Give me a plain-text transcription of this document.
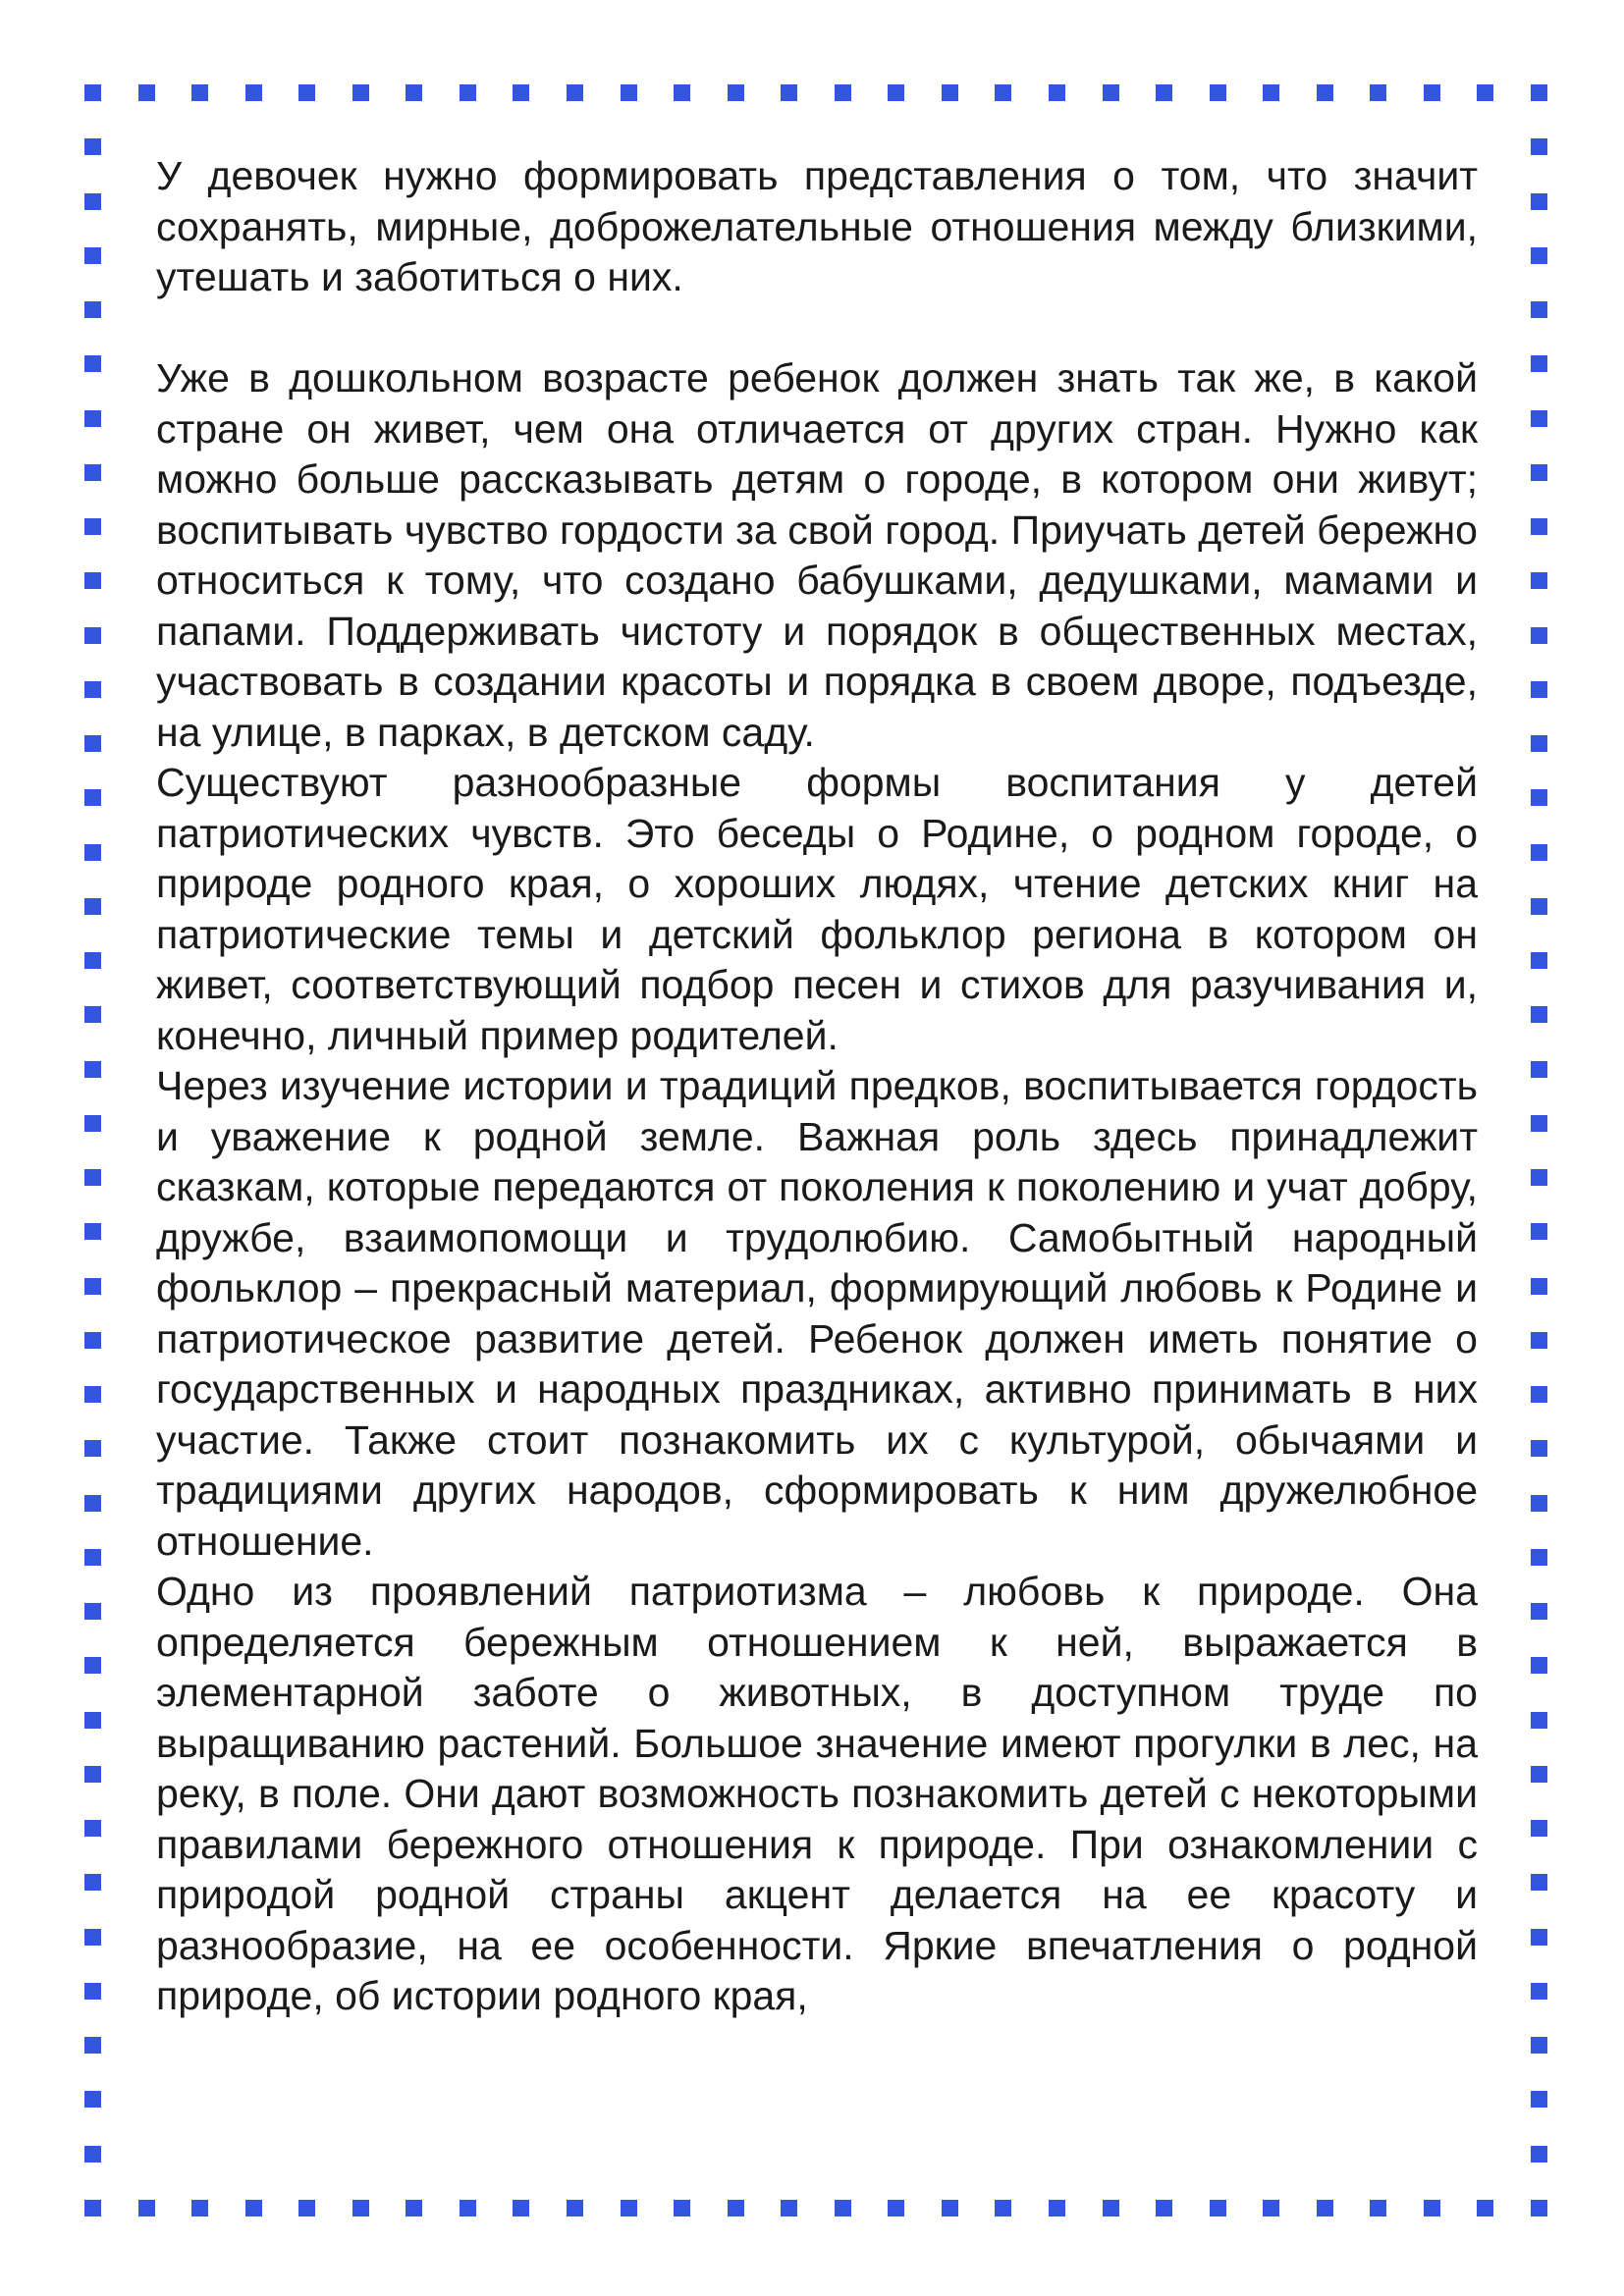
У девочек нужно формировать представления о том, что значит сохранять, мирные, доброжелательные отношения между близкими, утешать и заботиться о них.

Уже в дошкольном возрасте ребенок должен знать так же, в какой стране он живет, чем она отличается от других стран. Нужно как можно больше рассказывать детям о городе, в котором они живут; воспитывать чувство гордости за свой город. Приучать детей бережно относиться к тому, что создано бабушками, дедушками, мамами и папами. Поддерживать чистоту и порядок в общественных местах, участвовать в создании красоты и порядка в своем дворе, подъезде, на улице, в парках, в детском саду.

Существуют разнообразные формы воспитания у детей патриотических чувств. Это беседы о Родине, о родном городе, о природе родного края, о хороших людях, чтение детских книг на патриотические темы и детский фольклор региона в котором он живет, соответствующий подбор песен и стихов для разучивания и, конечно, личный пример родителей.

Через изучение истории и традиций предков, воспитывается гордость и уважение к родной земле. Важная роль здесь принадлежит сказкам, которые передаются от поколения к поколению и учат добру, дружбе, взаимопомощи и трудолюбию. Самобытный народный фольклор – прекрасный материал, формирующий любовь к Родине и патриотическое развитие детей. Ребенок должен иметь понятие о государственных и народных праздниках, активно принимать в них участие. Также стоит познакомить их с культурой, обычаями и традициями других народов, сформировать к ним дружелюбное отношение.

Одно из проявлений патриотизма – любовь к природе. Она определяется бережным отношением к ней, выражается в элементарной заботе о животных, в доступном труде по выращиванию растений. Большое значение имеют прогулки в лес, на реку, в поле. Они дают возможность познакомить детей с некоторыми правилами бережного отношения к природе. При ознакомлении с природой родной страны акцент делается на ее красоту и разнообразие, на ее особенности. Яркие впечатления о родной природе, об истории родного края,
